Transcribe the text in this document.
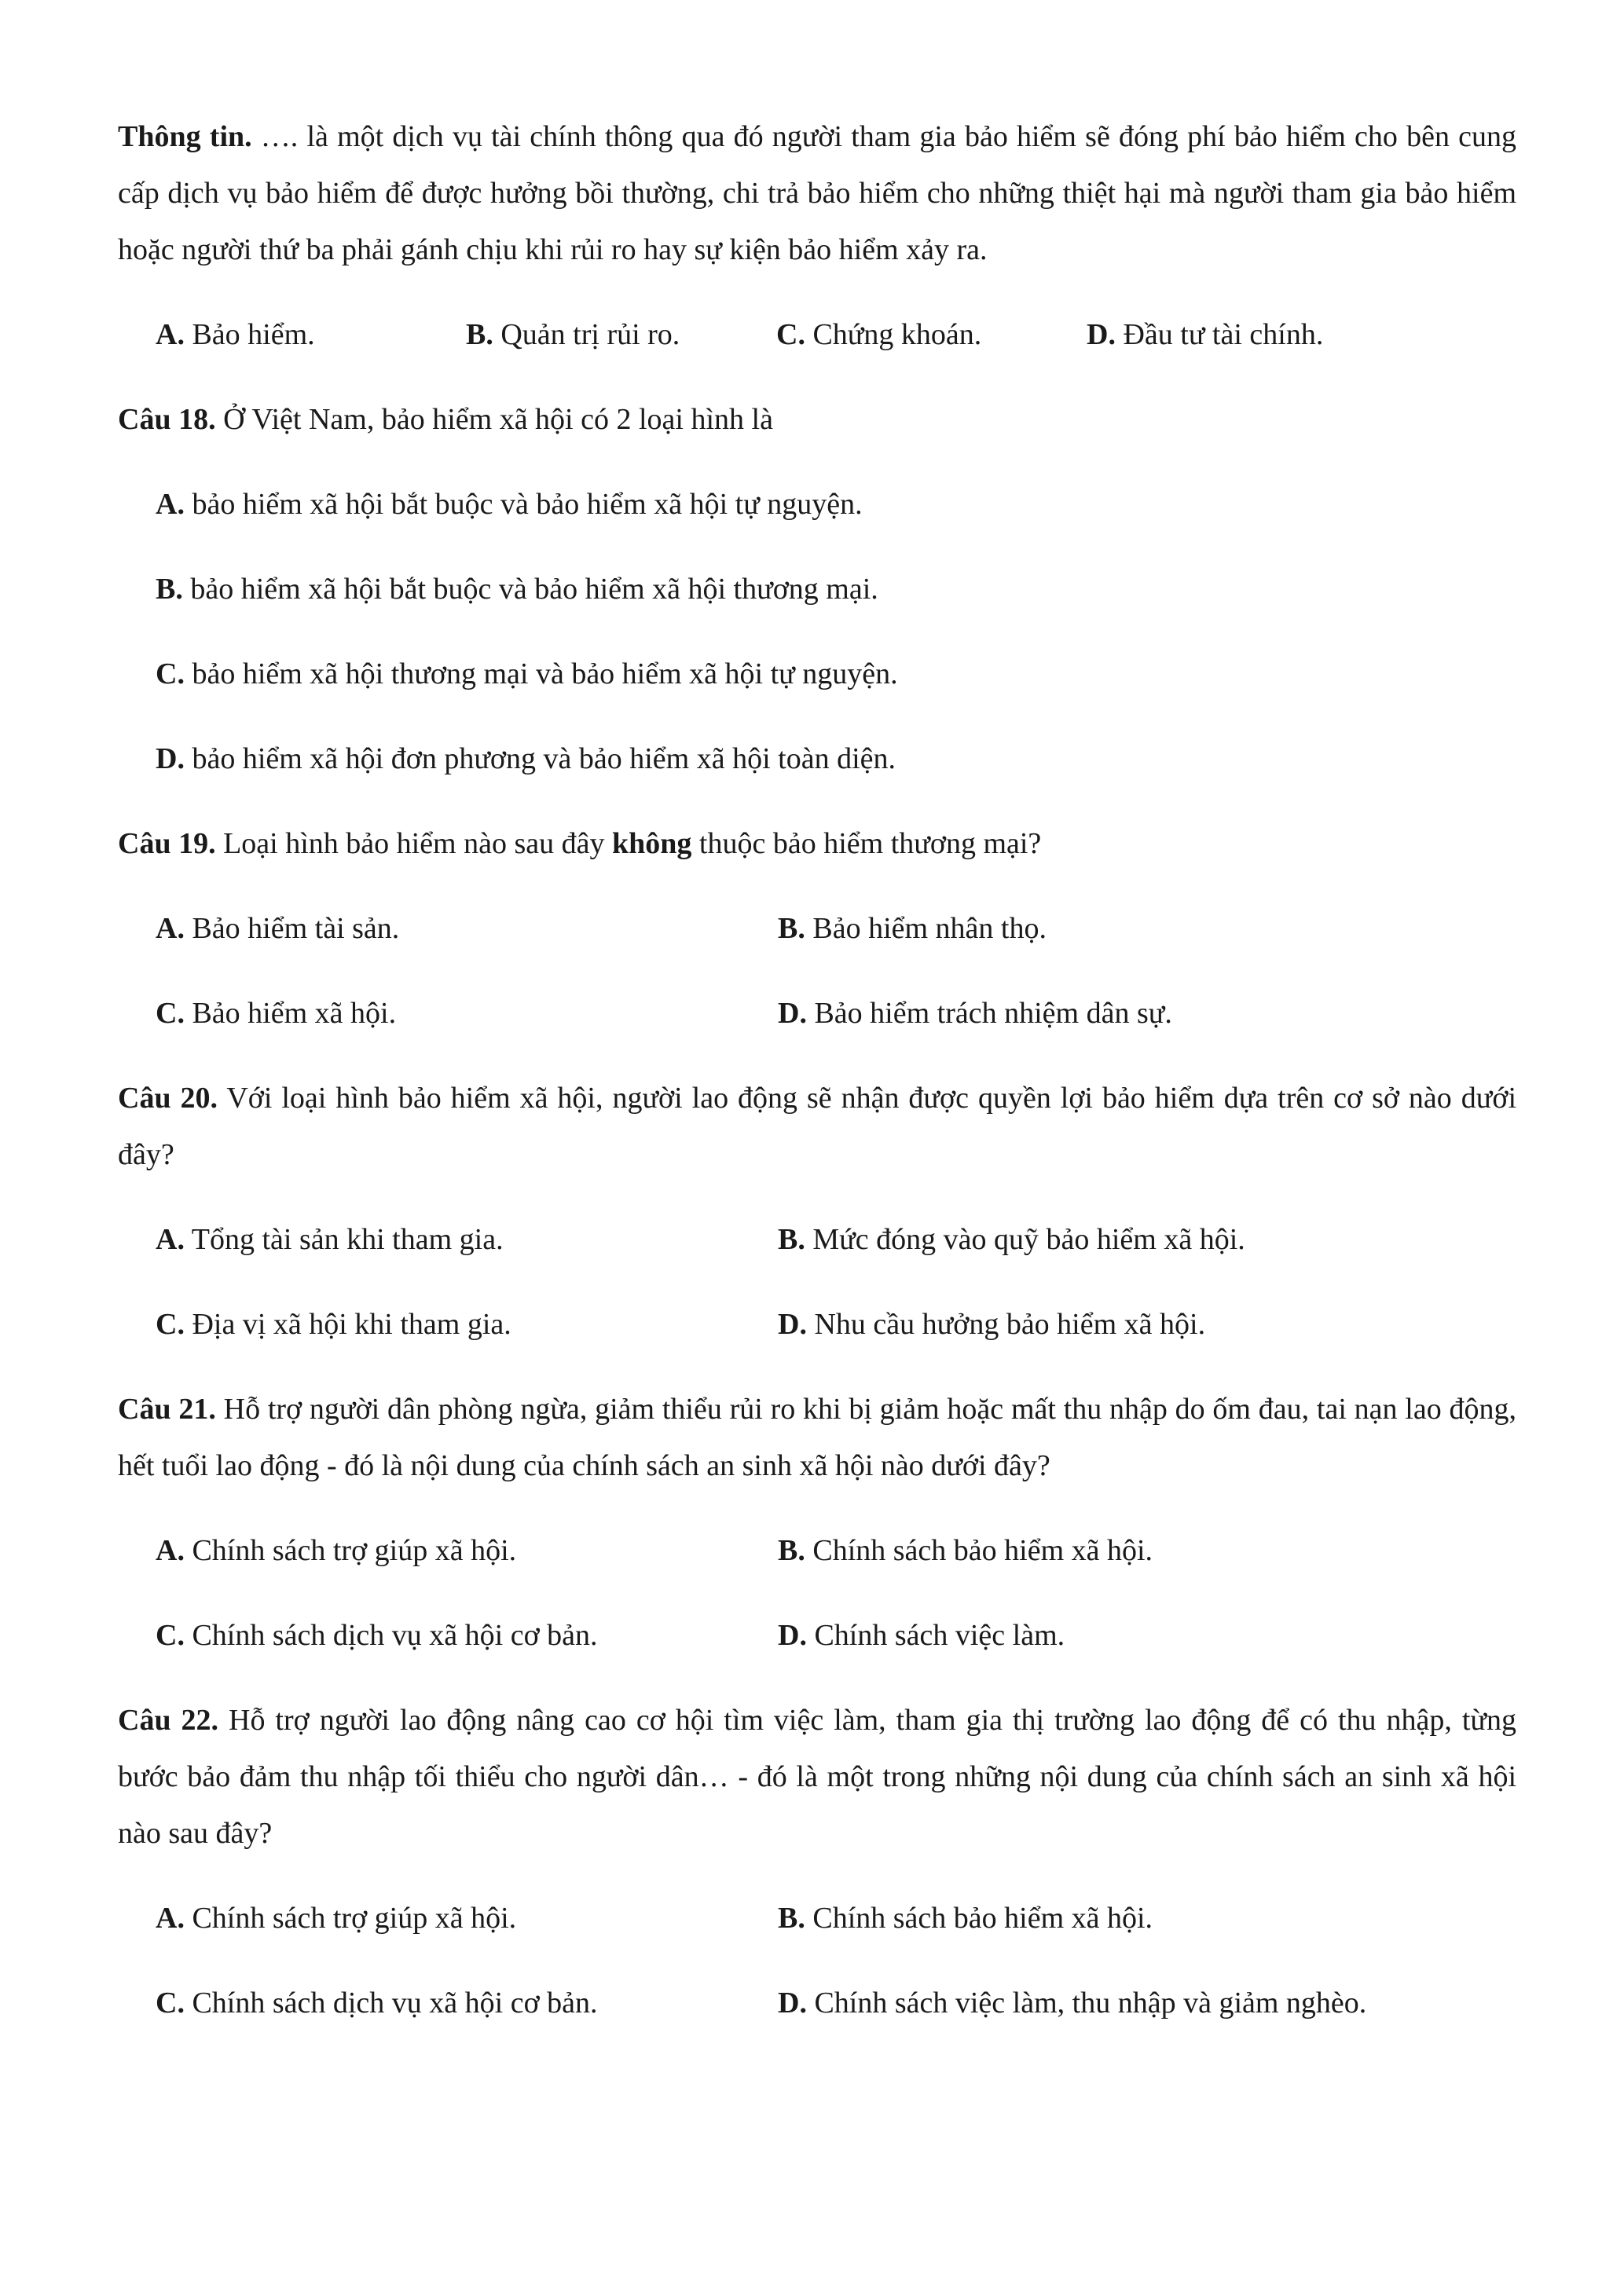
Thông tin. …. là một dịch vụ tài chính thông qua đó người tham gia bảo hiểm sẽ đóng phí bảo hiểm cho bên cung cấp dịch vụ bảo hiểm để được hưởng bồi thường, chi trả bảo hiểm cho những thiệt hại mà người tham gia bảo hiểm hoặc người thứ ba phải gánh chịu khi rủi ro hay sự kiện bảo hiểm xảy ra.

A. Bảo hiểm.	B. Quản trị rủi ro.	C. Chứng khoán.	D. Đầu tư tài chính.

Câu 18. Ở Việt Nam, bảo hiểm xã hội có 2 loại hình là

A. bảo hiểm xã hội bắt buộc và bảo hiểm xã hội tự nguyện.
B. bảo hiểm xã hội bắt buộc và bảo hiểm xã hội thương mại.
C. bảo hiểm xã hội thương mại và bảo hiểm xã hội tự nguyện.
D. bảo hiểm xã hội đơn phương và bảo hiểm xã hội toàn diện.

Câu 19. Loại hình bảo hiểm nào sau đây không thuộc bảo hiểm thương mại?

A. Bảo hiểm tài sản.	B. Bảo hiểm nhân thọ.
C. Bảo hiểm xã hội.	D. Bảo hiểm trách nhiệm dân sự.

Câu 20. Với loại hình bảo hiểm xã hội, người lao động sẽ nhận được quyền lợi bảo hiểm dựa trên cơ sở nào dưới đây?

A. Tổng tài sản khi tham gia.	B. Mức đóng vào quỹ bảo hiểm xã hội.
C. Địa vị xã hội khi tham gia.	D. Nhu cầu hưởng bảo hiểm xã hội.

Câu 21. Hỗ trợ người dân phòng ngừa, giảm thiểu rủi ro khi bị giảm hoặc mất thu nhập do ốm đau, tai nạn lao động, hết tuổi lao động - đó là nội dung của chính sách an sinh xã hội nào dưới đây?

A. Chính sách trợ giúp xã hội.	B. Chính sách bảo hiểm xã hội.
C. Chính sách dịch vụ xã hội cơ bản.	D. Chính sách việc làm.

Câu 22. Hỗ trợ người lao động nâng cao cơ hội tìm việc làm, tham gia thị trường lao động để có thu nhập, từng bước bảo đảm thu nhập tối thiểu cho người dân… - đó là một trong những nội dung của chính sách an sinh xã hội nào sau đây?

A. Chính sách trợ giúp xã hội.	B. Chính sách bảo hiểm xã hội.
C. Chính sách dịch vụ xã hội cơ bản.	D. Chính sách việc làm, thu nhập và giảm nghèo.
